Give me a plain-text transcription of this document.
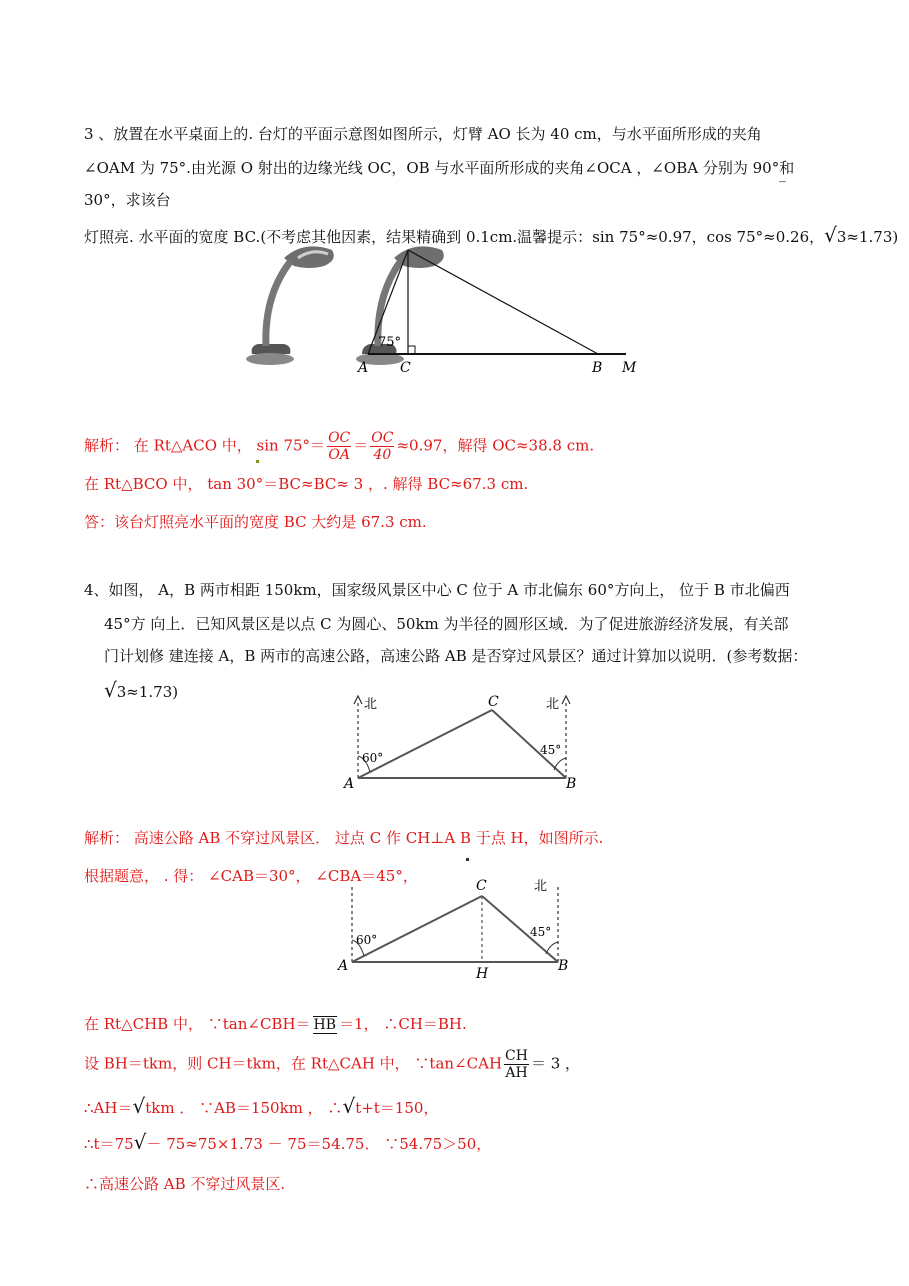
3 、放置在水平桌面上的. 台灯的平面示意图如图所示，灯臂 AO 长为 40 cm，与水平面所形成的夹角
∠OAM 为 75°.由光源 O 射出的边缘光线 OC，OB 与水平面所形成的夹角∠OCA ，∠OBA 分别为 90°和
30°，求该台
‾
灯照亮. 水平面的宽度 BC.(不考虑其他因素，结果精确到 0.1cm.温馨提示：sin 75°≈0.97，cos 75°≈0.26，√3≈1.73)
75°
A C	B M
解析： 在 Rt△ACO 中， $\sin 75^\circ= \frac{OC}{OA} = \frac{OC}{40} \approx 0.97$，解得 OC≈38.8 cm.
在 Rt△BCO 中， tan 30°＝BC≈BC≈ 3 ，. 解得 BC≈67.3 cm.
答：该台灯照亮水平面的宽度 BC 大约是 67.3 cm.
4、如图， A，B 两市相距 150km，国家级风景区中心 C 位于 A 市北偏东 60°方向上， 位于 B 市北偏西
45°方 向上．已知风景区是以点 C 为圆心、50km 为半径的圆形区域．为了促进旅游经济发展，有关部
门计划修 建连接 A，B 两市的高速公路，高速公路 AB 是否穿过风景区？通过计算加以说明．(参考数据：
√3≈1.73)
北	北
C
60°
45°
A	B
解析： 高速公路 AB 不穿过风景区． 过点 C 作 CH⊥A B 于点 H，如图所示.
根据题意， . 得： ∠CAB＝30°， ∠CBA＝45°，
C	北
60°
45°
A	H	B
在 Rt△CHB 中， ∵tan∠CBH＝ HB ＝1， ∴CH＝BH.
设 BH＝tkm，则 CH＝tkm，在 Rt△CAH 中， ∵tan∠CAH $\frac{CH}{AH} = 3$ ，
∴AH＝√tkm ． ∵AB＝150km ， ∴√t+t＝150，
∴t＝75√－ 75≈75×1.73 － 75＝54.75． ∵54.75＞50，
∴高速公路 AB 不穿过风景区.
